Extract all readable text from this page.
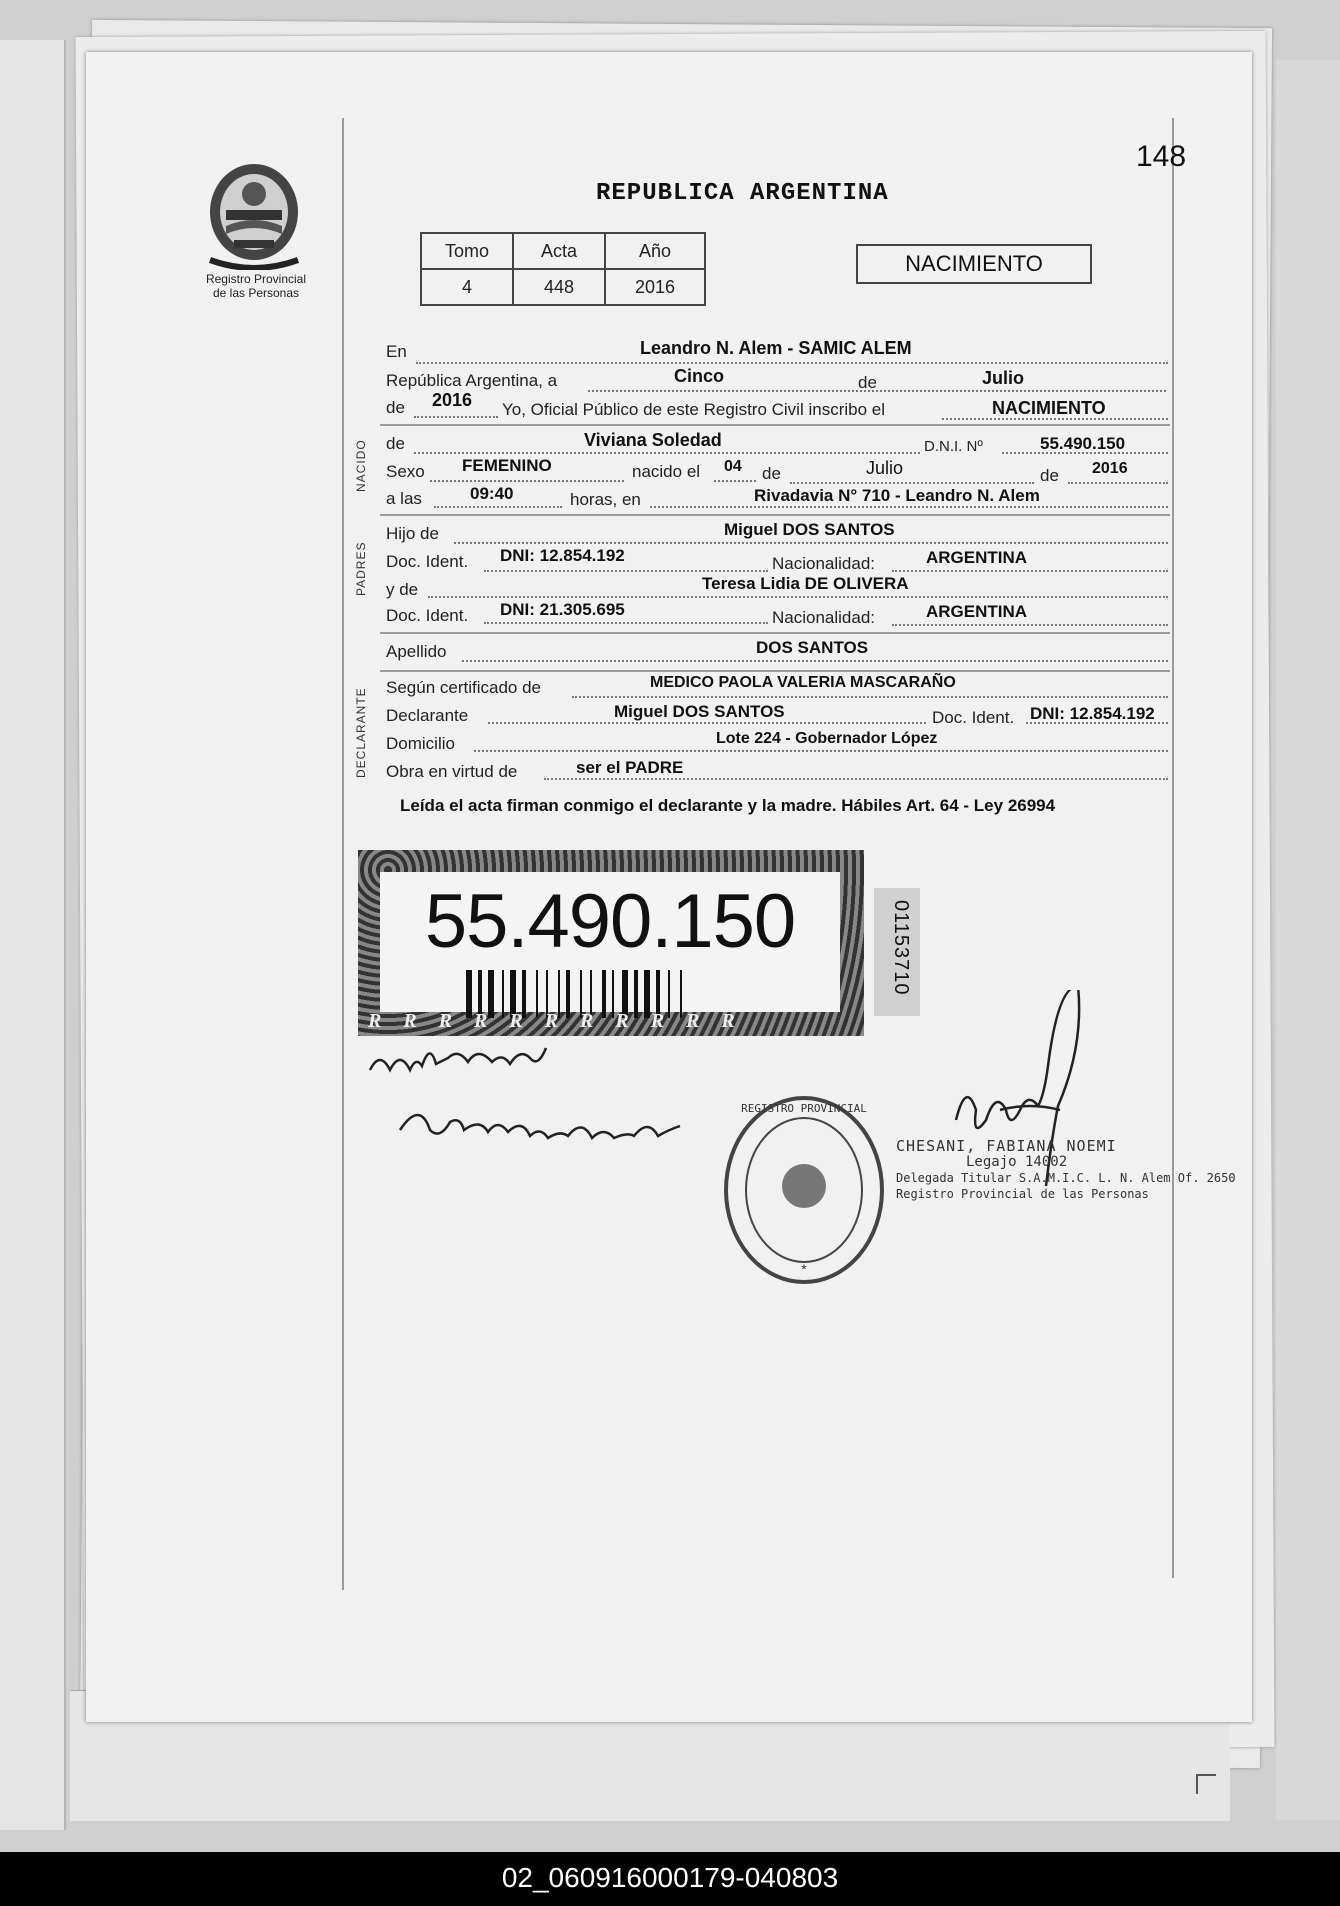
148
Registro Provincial
de las Personas
REPUBLICA ARGENTINA
Tomo	Acta	Año
4	448	2016
NACIMIENTO
En	Leandro N. Alem - SAMIC ALEM
República Argentina, a	Cinco	de	Julio
de 2016 Yo, Oficial Público de este Registro Civil inscribo el	NACIMIENTO
NACIDO de	Viviana Soledad	D.N.I. Nº	55.490.150
Sexo FEMENINO	nacido el 04 de	Julio	de 2016
a las	09:40	horas, en	Rivadavia N° 710 - Leandro N. Alem
PADRES
Hijo de	Miguel DOS SANTOS
Doc. Ident. DNI: 12.854.192	Nacionalidad:	ARGENTINA
y de	Teresa Lidia DE OLIVERA
Doc. Ident. DNI: 21.305.695	Nacionalidad:	ARGENTINA
Apellido	DOS SANTOS
DECLARANTE Según certificado de	MEDICO PAOLA VALERIA MASCARAÑO
Declarante	Miguel DOS SANTOS	Doc. Ident. DNI: 12.854.192
Domicilio	Lote 224 - Gobernador López
Obra en virtud de	ser el PADRE
Leída el acta firman conmigo el declarante y la madre. Hábiles Art. 64 - Ley 26994
55.490.150
RRRRRRRRRRR
01153710
REGISTRO PROVINCIAL
*
CHESANI, FABIANA NOEMI
Legajo 14002
Delegada Titular S.A.M.I.C. L. N. Alem Of. 2650
Registro Provincial de las Personas
02_060916000179-040803
